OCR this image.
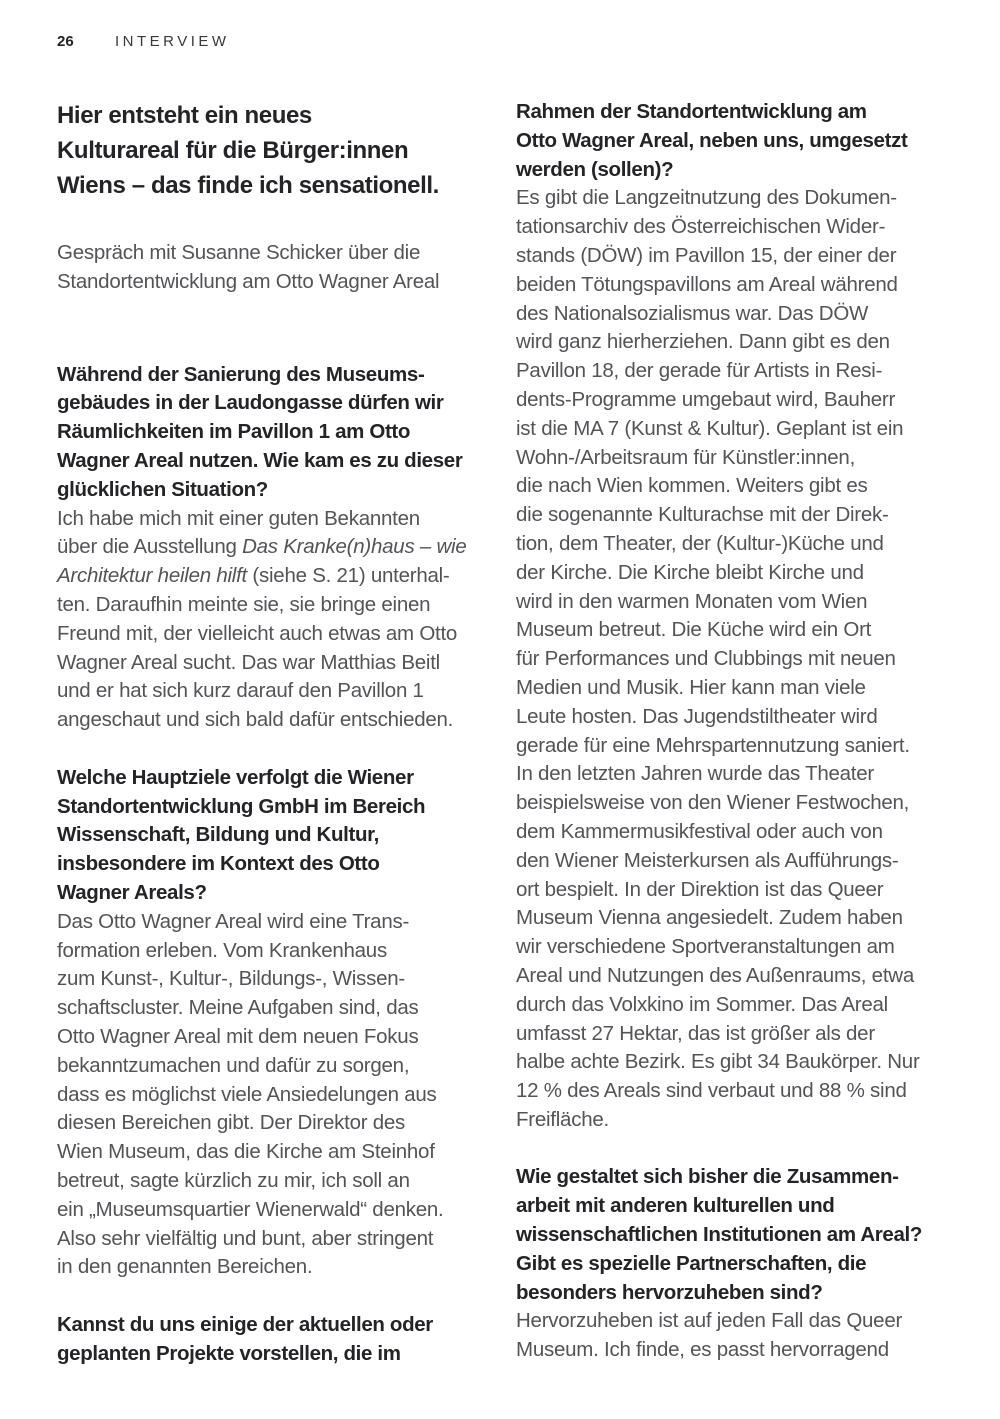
26	INTERVIEW
Hier entsteht ein neues
Kulturareal für die Bürger:innen
Wiens – das finde ich sensationell.
Gespräch mit Susanne Schicker über die
Standortentwicklung am Otto Wagner Areal
Während der Sanierung des Museums-
gebäudes in der Laudongasse dürfen wir
Räumlichkeiten im Pavillon 1 am Otto
Wagner Areal nutzen. Wie kam es zu dieser
glücklichen Situation?
Ich habe mich mit einer guten Bekannten
über die Ausstellung Das Kranke(n)haus – wie
Architektur heilen hilft (siehe S. 21) unterhal-
ten. Daraufhin meinte sie, sie bringe einen
Freund mit, der vielleicht auch etwas am Otto
Wagner Areal sucht. Das war Matthias Beitl
und er hat sich kurz darauf den Pavillon 1
angeschaut und sich bald dafür entschieden.
Welche Hauptziele verfolgt die Wiener
Standortentwicklung GmbH im Bereich
Wissenschaft, Bildung und Kultur,
insbesondere im Kontext des Otto
Wagner Areals?
Das Otto Wagner Areal wird eine Trans-
formation erleben. Vom Krankenhaus
zum Kunst-, Kultur-, Bildungs-, Wissen-
schaftscluster. Meine Aufgaben sind, das
Otto Wagner Areal mit dem neuen Fokus
bekanntzumachen und dafür zu sorgen,
dass es möglichst viele Ansiedelungen aus
diesen Bereichen gibt. Der Direktor des
Wien Museum, das die Kirche am Steinhof
betreut, sagte kürzlich zu mir, ich soll an
ein „Museumsquartier Wienerwald“ denken.
Also sehr vielfältig und bunt, aber stringent
in den genannten Bereichen.
Kannst du uns einige der aktuellen oder
geplanten Projekte vorstellen, die im
Rahmen der Standortentwicklung am
Otto Wagner Areal, neben uns, umgesetzt
werden (sollen)?
Es gibt die Langzeitnutzung des Dokumen-
tationsarchiv des Österreichischen Wider-
stands (DÖW) im Pavillon 15, der einer der
beiden Tötungspavillons am Areal während
des Nationalsozialismus war. Das DÖW
wird ganz hierherziehen. Dann gibt es den
Pavillon 18, der gerade für Artists in Resi-
dents-Programme umgebaut wird, Bauherr
ist die MA 7 (Kunst & Kultur). Geplant ist ein
Wohn-/Arbeitsraum für Künstler:innen,
die nach Wien kommen. Weiters gibt es
die sogenannte Kulturachse mit der Direk-
tion, dem Theater, der (Kultur-)Küche und
der Kirche. Die Kirche bleibt Kirche und
wird in den warmen Monaten vom Wien
Museum betreut. Die Küche wird ein Ort
für Performances und Clubbings mit neuen
Medien und Musik. Hier kann man viele
Leute hosten. Das Jugendstiltheater wird
gerade für eine Mehrspartennutzung saniert.
In den letzten Jahren wurde das Theater
beispielsweise von den Wiener Festwochen,
dem Kammermusikfestival oder auch von
den Wiener Meisterkursen als Aufführungs-
ort bespielt. In der Direktion ist das Queer
Museum Vienna angesiedelt. Zudem haben
wir verschiedene Sportveranstaltungen am
Areal und Nutzungen des Außenraums, etwa
durch das Volxkino im Sommer. Das Areal
umfasst 27 Hektar, das ist größer als der
halbe achte Bezirk. Es gibt 34 Baukörper. Nur
12 % des Areals sind verbaut und 88 % sind
Freifläche.
Wie gestaltet sich bisher die Zusammen-
arbeit mit anderen kulturellen und
wissenschaftlichen Institutionen am Areal?
Gibt es spezielle Partnerschaften, die
besonders hervorzuheben sind?
Hervorzuheben ist auf jeden Fall das Queer
Museum. Ich finde, es passt hervorragend
